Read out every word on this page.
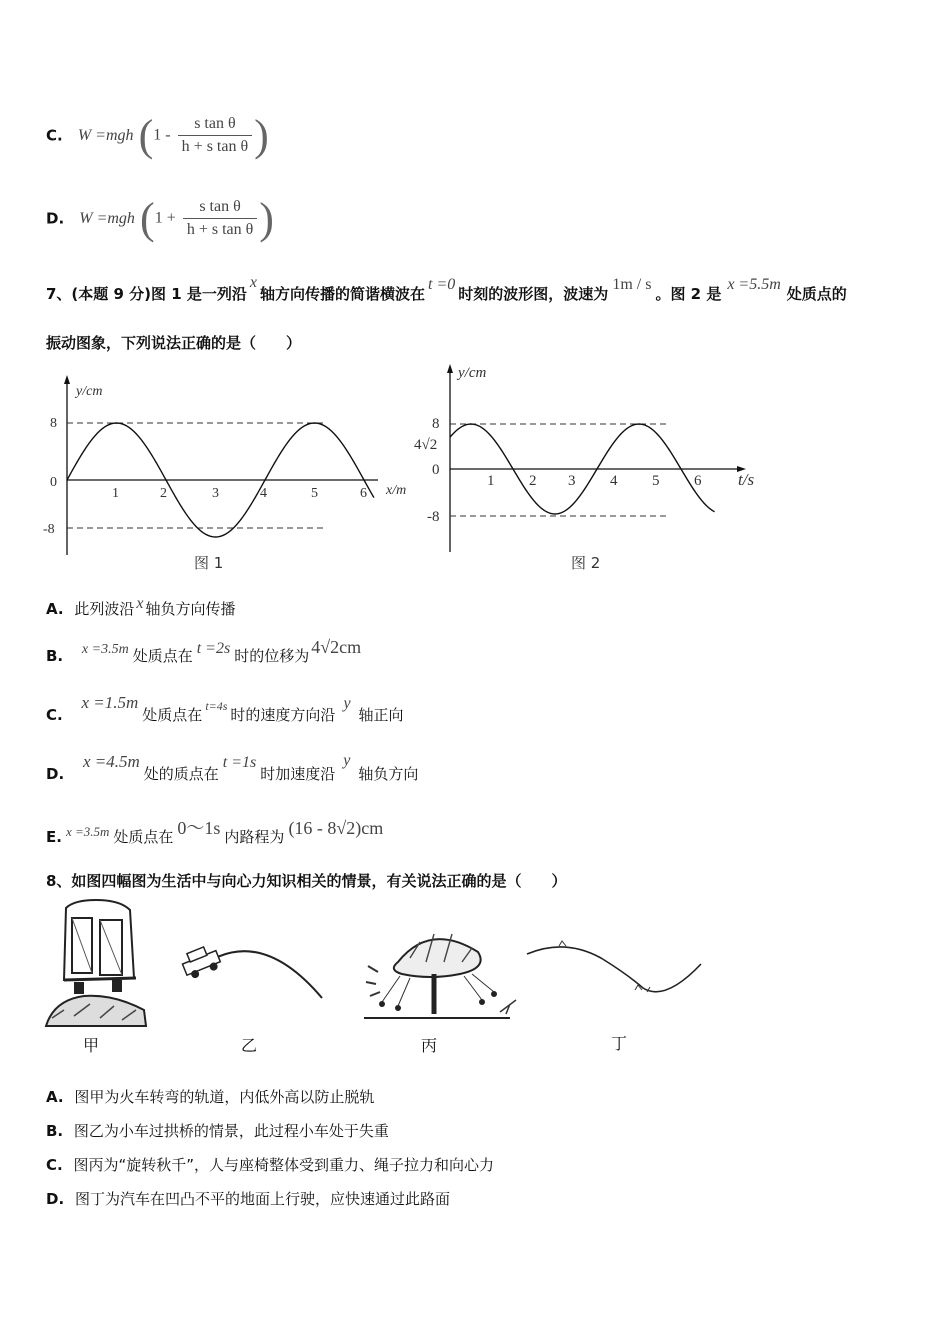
C. W =mgh ($1 - \frac{\text{s tan θ}}{\text{h + s tan θ}}$ )
D. W =mgh ($1 + \frac{\text{s tan θ}}{\text{h + s tan θ}}$ )
7、(本题 9 分)图 1 是一列沿x轴方向传播的简谐横波在t =0时刻的波形图，波速为1m / s。图 2 是x =5.5m处质点的
振动图象，下列说法正确的是（　　）
y/cm
x/m
8
0
-8
1	2	3	4	5	6
图 1
y/cm
t/s
8
4√2
0
-8
1 2 3 4 5 6
图 2
A. 此列波沿 x 轴负方向传播
B. x =3.5m 处质点在 t =2s 时的位移为 4√2cm
C. x =1.5m处质点在 $^{t=4s}$ 时的速度方向沿y轴正向
D. x =4.5m处的质点在t =1s时加速度沿y轴负方向
E. x =3.5m 处质点在 0～1s 内路程为 (16 - 8√2)cm
8、如图四幅图为生活中与向心力知识相关的情景，有关说法正确的是（　　）
甲	乙	丙	丁
A. 图甲为火车转弯的轨道，内低外高以防止脱轨
B. 图乙为小车过拱桥的情景，此过程小车处于失重
C. 图丙为“旋转秋千”，人与座椅整体受到重力、绳子拉力和向心力
D. 图丁为汽车在凹凸不平的地面上行驶，应快速通过此路面
